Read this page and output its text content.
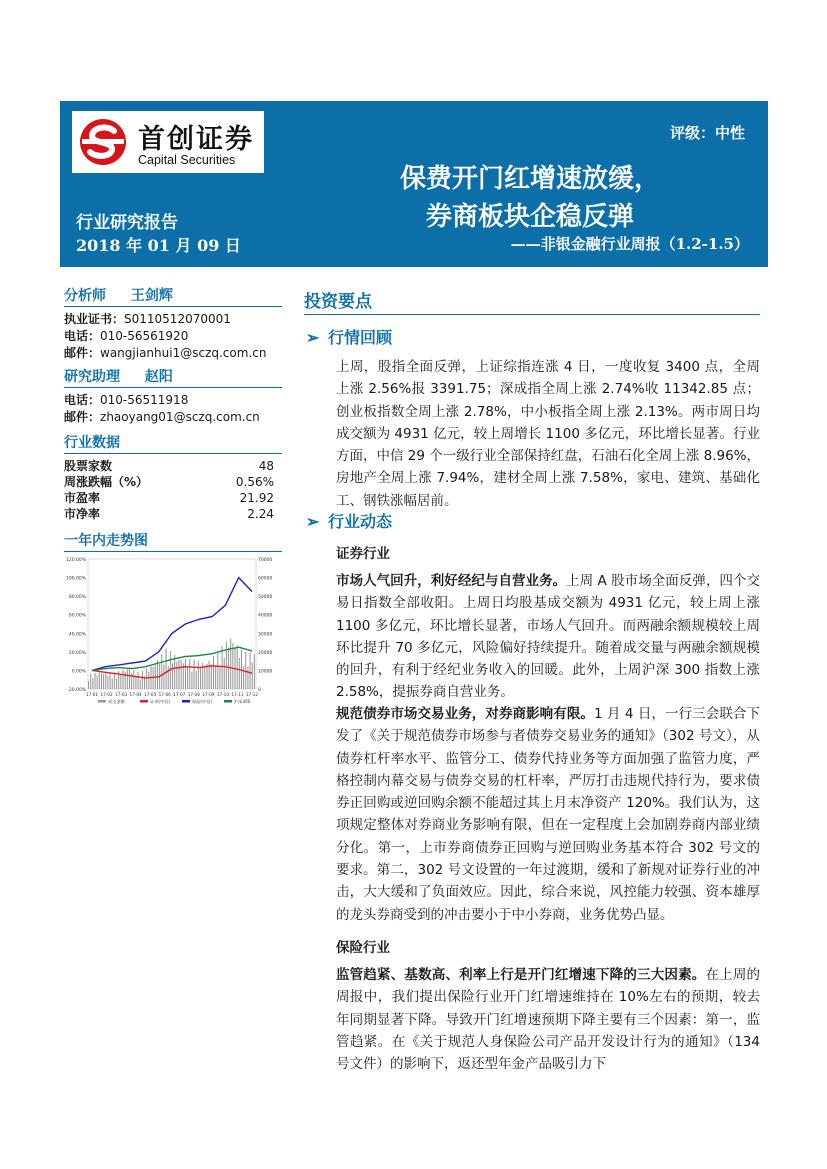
首创证券
Capital Securities
评级：中性
保费开门红增速放缓，
券商板块企稳反弹
——非银金融行业周报（1.2-1.5）
行业研究报告
2018 年 01 月 09 日
分析师 王剑辉
执业证书：S0110512070001
电话：010-56561920
邮件：wangjianhui1@sczq.com.cn
研究助理 赵阳
电话：010-56511918
邮件：zhaoyang01@sczq.com.cn
行业数据
股票家数	48
周涨跌幅（%）	0.56%
市盈率	21.92
市净率	2.24
一年内走势图
120.00%
100.00%
80.00%
60.00%
40.00%
20.00%
0.00%
-20.00%
70000
60000
50000
40000
30000
20000
10000
0
17-01 17-02 17-03 17-04 17-05 17-06 17-07 17-08 17-09 17-10 17-11 17-12
成交金额	证券(中信)	保险(中信)	沪深300
投资要点
➢ 行情回顾
上周，股指全面反弹，上证综指连涨 4 日，一度收复 3400 点，全周上涨 2.56%报 3391.75；深成指全周上涨 2.74%收 11342.85 点；创业板指数全周上涨 2.78%，中小板指全周上涨 2.13%。两市周日均成交额为 4931 亿元，较上周增长 1100 多亿元，环比增长显著。行业方面，中信 29 个一级行业全部保持红盘，石油石化全周上涨 8.96%，房地产全周上涨 7.94%，建材全周上涨 7.58%，家电、建筑、基础化工、钢铁涨幅居前。
➢ 行业动态
证券行业
市场人气回升，利好经纪与自营业务。上周 A 股市场全面反弹，四个交易日指数全部收阳。上周日均股基成交额为 4931 亿元，较上周上涨 1100 多亿元，环比增长显著，市场人气回升。而两融余额规模较上周环比提升 70 多亿元，风险偏好持续提升。随着成交量与两融余额规模的回升，有利于经纪业务收入的回暖。此外，上周沪深 300 指数上涨 2.58%，提振券商自营业务。
规范债券市场交易业务，对券商影响有限。1 月 4 日，一行三会联合下发了《关于规范债券市场参与者债券交易业务的通知》（302 号文），从债券杠杆率水平、监管分工、债券代持业务等方面加强了监管力度，严格控制内幕交易与债券交易的杠杆率，严厉打击违规代持行为，要求债券正回购或逆回购余额不能超过其上月末净资产 120%。我们认为，这项规定整体对券商业务影响有限，但在一定程度上会加剧券商内部业绩分化。第一，上市券商债券正回购与逆回购业务基本符合 302 号文的要求。第二，302 号文设置的一年过渡期，缓和了新规对证券行业的冲击，大大缓和了负面效应。因此，综合来说，风控能力较强、资本雄厚的龙头券商受到的冲击要小于中小券商，业务优势凸显。
保险行业
监管趋紧、基数高、利率上行是开门红增速下降的三大因素。在上周的周报中，我们提出保险行业开门红增速维持在 10%左右的预期，较去年同期显著下降。导致开门红增速预期下降主要有三个因素：第一，监管趋紧。在《关于规范人身保险公司产品开发设计行为的通知》（134 号文件）的影响下，返还型年金产品吸引力下
